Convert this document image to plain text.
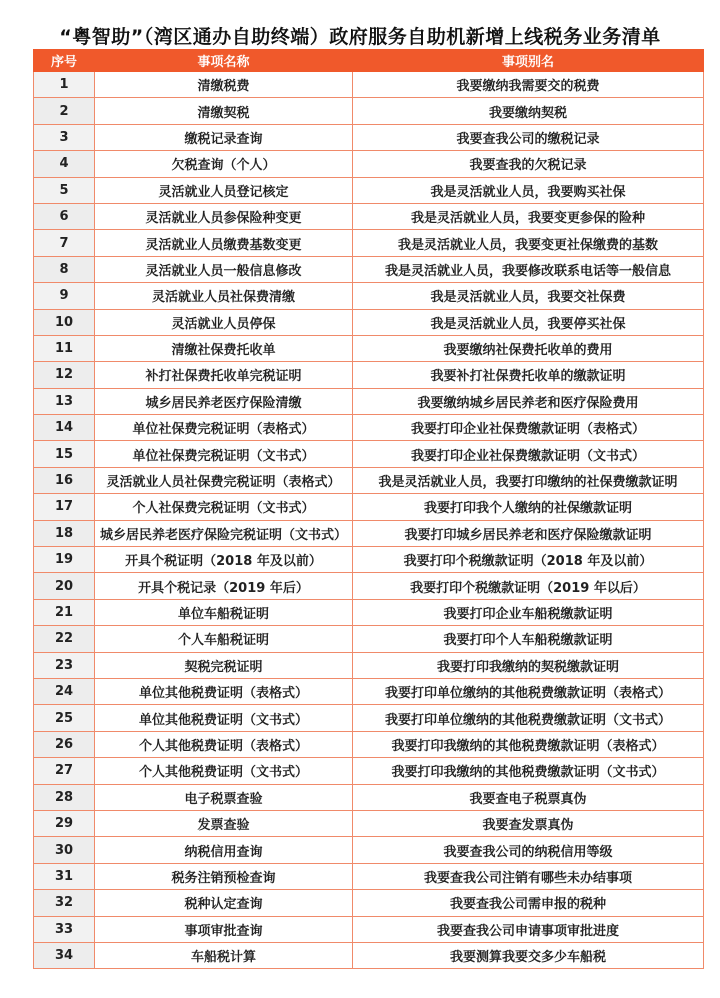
“粤智助”（湾区通办自助终端）政府服务自助机新增上线税务业务清单
序号	事项名称	事项别名
1	清缴税费	我要缴纳我需要交的税费
2	清缴契税	我要缴纳契税
3	缴税记录查询	我要查我公司的缴税记录
4	欠税查询（个人）	我要查我的欠税记录
5	灵活就业人员登记核定	我是灵活就业人员，我要购买社保
6	灵活就业人员参保险种变更	我是灵活就业人员，我要变更参保的险种
7	灵活就业人员缴费基数变更	我是灵活就业人员，我要变更社保缴费的基数
8	灵活就业人员一般信息修改	我是灵活就业人员，我要修改联系电话等一般信息
9	灵活就业人员社保费清缴	我是灵活就业人员，我要交社保费
10	灵活就业人员停保	我是灵活就业人员，我要停买社保
11	清缴社保费托收单	我要缴纳社保费托收单的费用
12	补打社保费托收单完税证明	我要补打社保费托收单的缴款证明
13	城乡居民养老医疗保险清缴	我要缴纳城乡居民养老和医疗保险费用
14	单位社保费完税证明（表格式）	我要打印企业社保费缴款证明（表格式）
15	单位社保费完税证明（文书式）	我要打印企业社保费缴款证明（文书式）
16	灵活就业人员社保费完税证明（表格式）	我是灵活就业人员，我要打印缴纳的社保费缴款证明
17	个人社保费完税证明（文书式）	我要打印我个人缴纳的社保缴款证明
18	城乡居民养老医疗保险完税证明（文书式）	我要打印城乡居民养老和医疗保险缴款证明
19	开具个税证明（2018 年及以前）	我要打印个税缴款证明（2018 年及以前）
20	开具个税记录（2019 年后）	我要打印个税缴款证明（2019 年以后）
21	单位车船税证明	我要打印企业车船税缴款证明
22	个人车船税证明	我要打印个人车船税缴款证明
23	契税完税证明	我要打印我缴纳的契税缴款证明
24	单位其他税费证明（表格式）	我要打印单位缴纳的其他税费缴款证明（表格式）
25	单位其他税费证明（文书式）	我要打印单位缴纳的其他税费缴款证明（文书式）
26	个人其他税费证明（表格式）	我要打印我缴纳的其他税费缴款证明（表格式）
27	个人其他税费证明（文书式）	我要打印我缴纳的其他税费缴款证明（文书式）
28	电子税票查验	我要查电子税票真伪
29	发票查验	我要查发票真伪
30	纳税信用查询	我要查我公司的纳税信用等级
31	税务注销预检查询	我要查我公司注销有哪些未办结事项
32	税种认定查询	我要查我公司需申报的税种
33	事项审批查询	我要查我公司申请事项审批进度
34	车船税计算	我要测算我要交多少车船税
